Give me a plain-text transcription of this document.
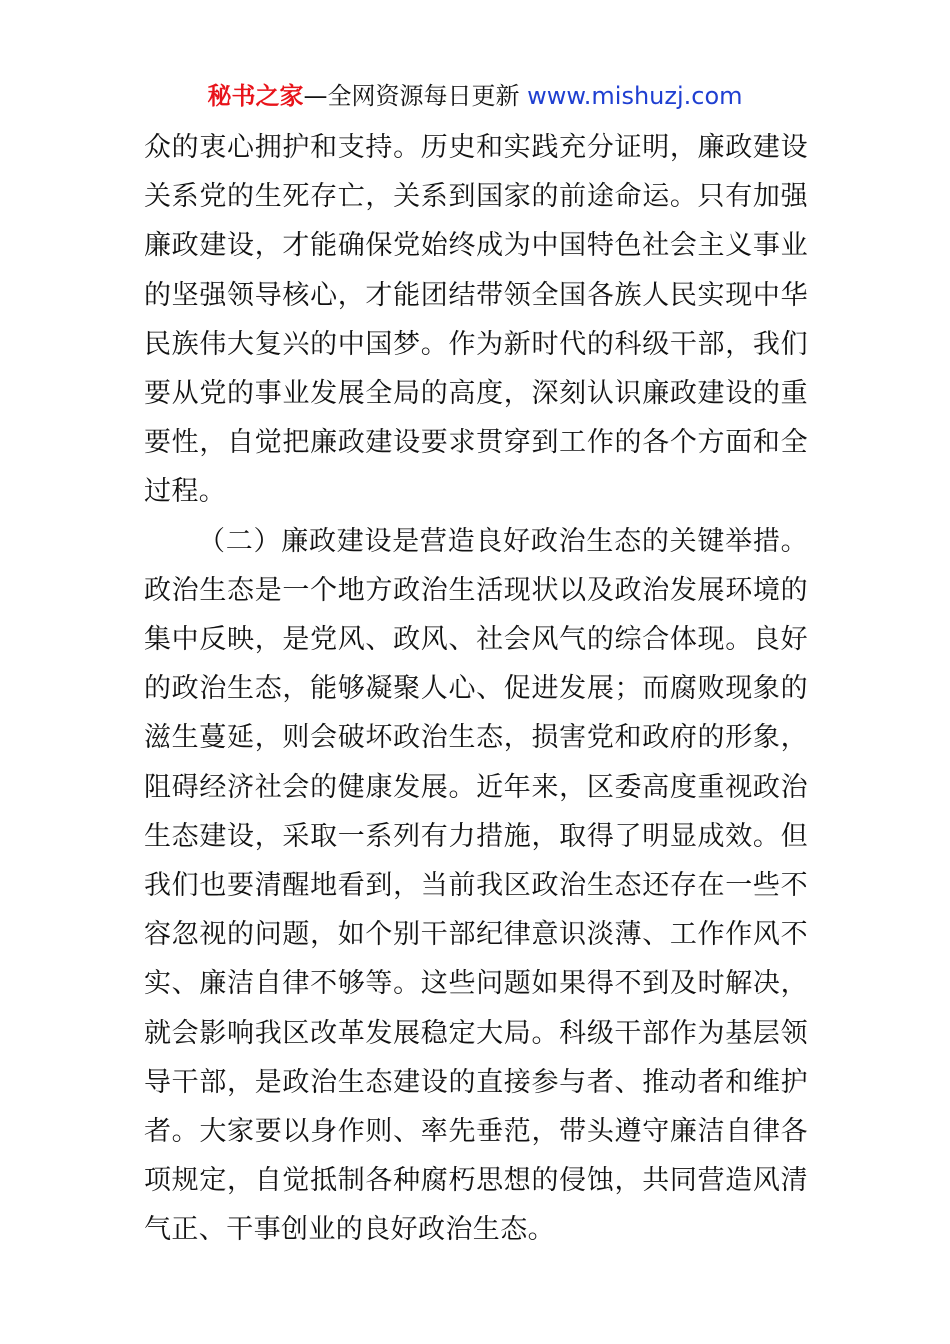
秘书之家—全网资源每日更新 www.mishuzj.com

众的衷心拥护和支持。历史和实践充分证明，廉政建设关系党的生死存亡，关系到国家的前途命运。只有加强廉政建设，才能确保党始终成为中国特色社会主义事业的坚强领导核心，才能团结带领全国各族人民实现中华民族伟大复兴的中国梦。作为新时代的科级干部，我们要从党的事业发展全局的高度，深刻认识廉政建设的重要性，自觉把廉政建设要求贯穿到工作的各个方面和全过程。

（二）廉政建设是营造良好政治生态的关键举措。政治生态是一个地方政治生活现状以及政治发展环境的集中反映，是党风、政风、社会风气的综合体现。良好的政治生态，能够凝聚人心、促进发展；而腐败现象的滋生蔓延，则会破坏政治生态，损害党和政府的形象，阻碍经济社会的健康发展。近年来，区委高度重视政治生态建设，采取一系列有力措施，取得了明显成效。但我们也要清醒地看到，当前我区政治生态还存在一些不容忽视的问题，如个别干部纪律意识淡薄、工作作风不实、廉洁自律不够等。这些问题如果得不到及时解决，就会影响我区改革发展稳定大局。科级干部作为基层领导干部，是政治生态建设的直接参与者、推动者和维护者。大家要以身作则、率先垂范，带头遵守廉洁自律各项规定，自觉抵制各种腐朽思想的侵蚀，共同营造风清气正、干事创业的良好政治生态。
